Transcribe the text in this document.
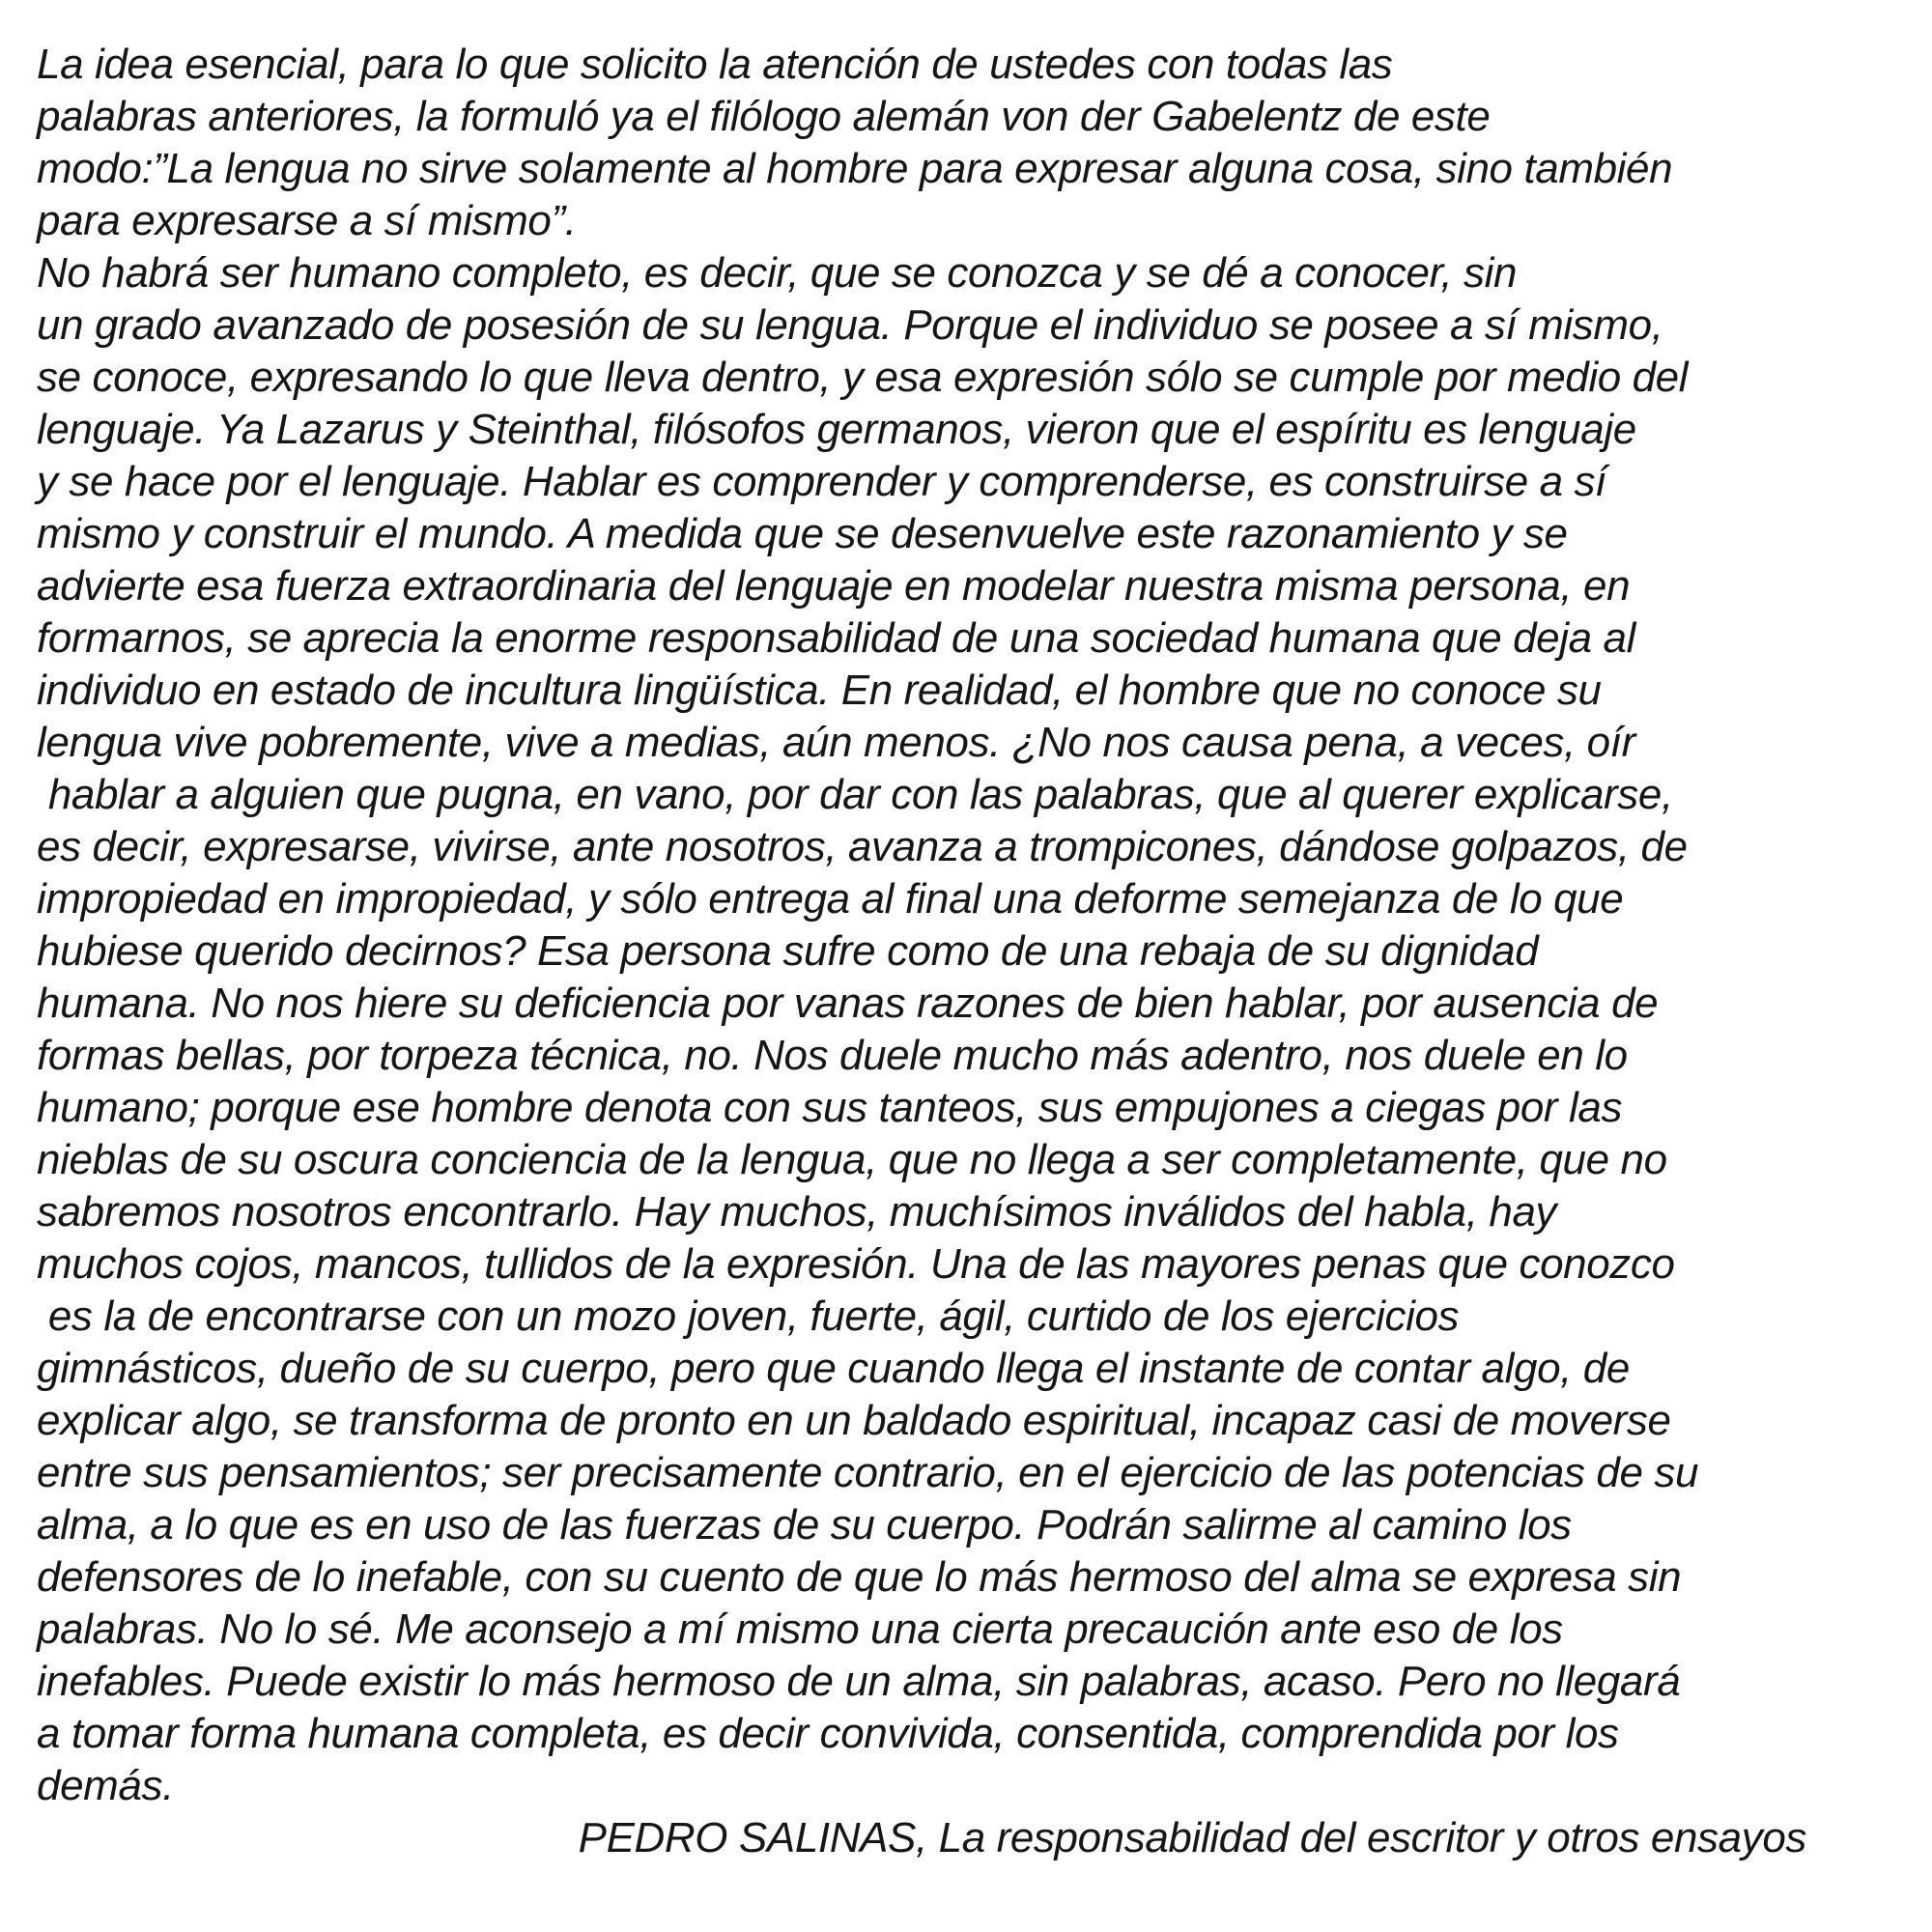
La idea esencial, para lo que solicito la atención de ustedes con todas las
palabras anteriores, la formuló ya el filólogo alemán von der Gabelentz de este
modo:”La lengua no sirve solamente al hombre para expresar alguna cosa, sino también
para expresarse a sí mismo”.
No habrá ser humano completo, es decir, que se conozca y se dé a conocer, sin
un grado avanzado de posesión de su lengua. Porque el individuo se posee a sí mismo,
se conoce, expresando lo que lleva dentro, y esa expresión sólo se cumple por medio del
lenguaje. Ya Lazarus y Steinthal, filósofos germanos, vieron que el espíritu es lenguaje
y se hace por el lenguaje. Hablar es comprender y comprenderse, es construirse a sí
mismo y construir el mundo. A medida que se desenvuelve este razonamiento y se
advierte esa fuerza extraordinaria del lenguaje en modelar nuestra misma persona, en
formarnos, se aprecia la enorme responsabilidad de una sociedad humana que deja al
individuo en estado de incultura lingüística. En realidad, el hombre que no conoce su
lengua vive pobremente, vive a medias, aún menos. ¿No nos causa pena, a veces, oír
hablar a alguien que pugna, en vano, por dar con las palabras, que al querer explicarse,
es decir, expresarse, vivirse, ante nosotros, avanza a trompicones, dándose golpazos, de
impropiedad en impropiedad, y sólo entrega al final una deforme semejanza de lo que
hubiese querido decirnos? Esa persona sufre como de una rebaja de su dignidad
humana. No nos hiere su deficiencia por vanas razones de bien hablar, por ausencia de
formas bellas, por torpeza técnica, no. Nos duele mucho más adentro, nos duele en lo
humano; porque ese hombre denota con sus tanteos, sus empujones a ciegas por las
nieblas de su oscura conciencia de la lengua, que no llega a ser completamente, que no
sabremos nosotros encontrarlo. Hay muchos, muchísimos inválidos del habla, hay
muchos cojos, mancos, tullidos de la expresión. Una de las mayores penas que conozco
es la de encontrarse con un mozo joven, fuerte, ágil, curtido de los ejercicios
gimnásticos, dueño de su cuerpo, pero que cuando llega el instante de contar algo, de
explicar algo, se transforma de pronto en un baldado espiritual, incapaz casi de moverse
entre sus pensamientos; ser precisamente contrario, en el ejercicio de las potencias de su
alma, a lo que es en uso de las fuerzas de su cuerpo. Podrán salirme al camino los
defensores de lo inefable, con su cuento de que lo más hermoso del alma se expresa sin
palabras. No lo sé. Me aconsejo a mí mismo una cierta precaución ante eso de los
inefables. Puede existir lo más hermoso de un alma, sin palabras, acaso. Pero no llegará
a tomar forma humana completa, es decir convivida, consentida, comprendida por los
demás.
PEDRO SALINAS, La responsabilidad del escritor y otros ensayos
